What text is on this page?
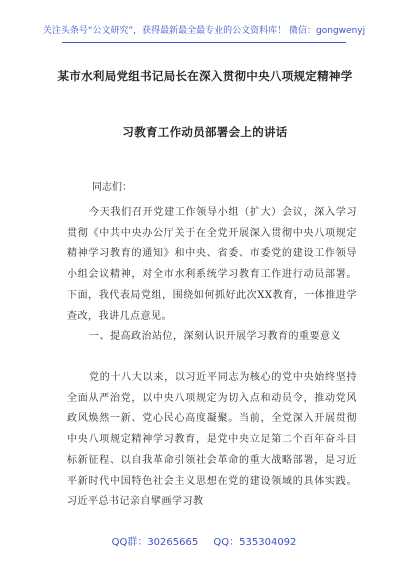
关注头条号“公文研究”，获得最新最全最专业的公文资料库！ 微信：gongwenyj
某市水利局党组书记局长在深入贯彻中央八项规定精神学
习教育工作动员部署会上的讲话
同志们：

今天我们召开党建工作领导小组（扩大）会议，深入学习贯彻《中共中央办公厅关于在全党开展深入贯彻中央八项规定精神学习教育的通知》和中央、省委、市委党的建设工作领导小组会议精神，对全市水利系统学习教育工作进行动员部署。下面，我代表局党组，围绕如何抓好此次XX教育，一体推进学查改，我讲几点意见。

一、提高政治站位，深刻认识开展学习教育的重要意义

党的十八大以来，以习近平同志为核心的党中央始终坚持全面从严治党，以中央八项规定为切入点和动员令，推动党风政风焕然一新、党心民心高度凝聚。当前，全党深入开展贯彻中央八项规定精神学习教育，是党中央立足第二个百年奋斗目标新征程、以自我革命引领社会革命的重大战略部署，是习近平新时代中国特色社会主义思想在党的建设领域的具体实践。习近平总书记亲自擘画学习教

QQ群：30265665 QQ：535304092
